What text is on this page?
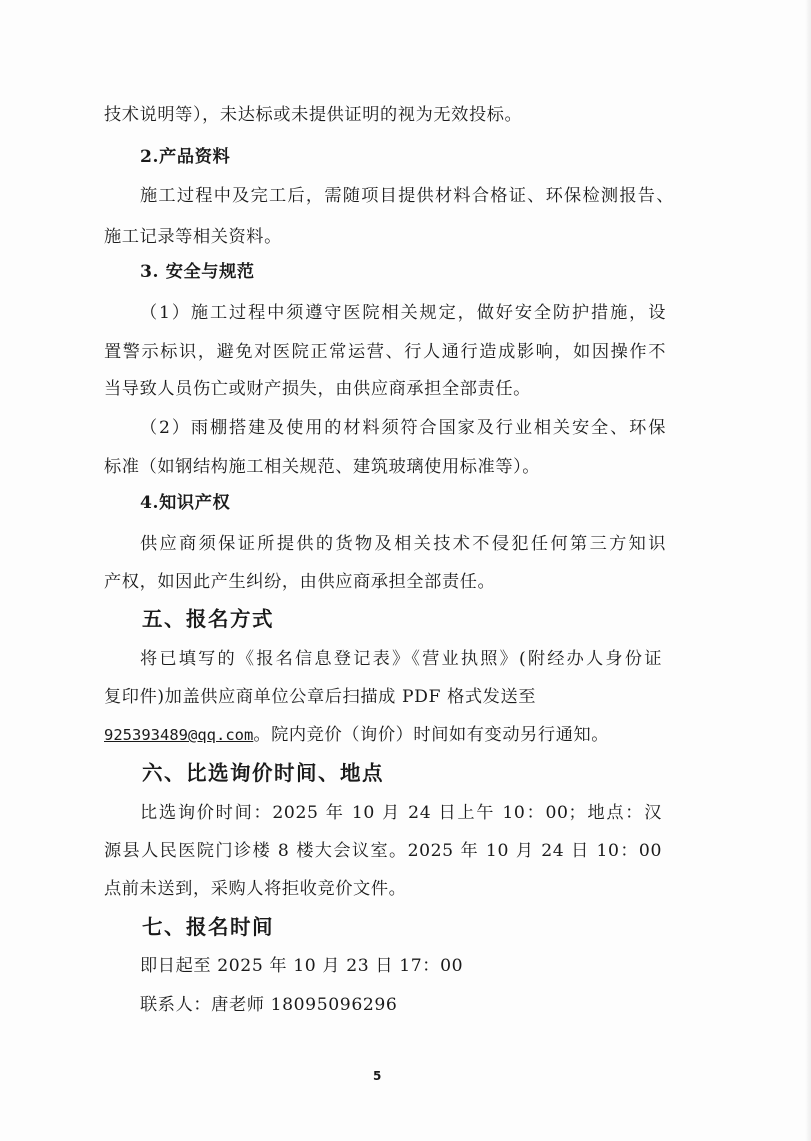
技术说明等），未达标或未提供证明的视为无效投标。
2.产品资料
施工过程中及完工后，需随项目提供材料合格证、环保检测报告、
施工记录等相关资料。
3. 安全与规范
（1）施工过程中须遵守医院相关规定，做好安全防护措施，设
置警示标识，避免对医院正常运营、行人通行造成影响，如因操作不
当导致人员伤亡或财产损失，由供应商承担全部责任。
（2）雨棚搭建及使用的材料须符合国家及行业相关安全、环保
标准（如钢结构施工相关规范、建筑玻璃使用标准等）。
4.知识产权
供应商须保证所提供的货物及相关技术不侵犯任何第三方知识
产权，如因此产生纠纷，由供应商承担全部责任。
五、报名方式
将已填写的《报名信息登记表》《营业执照》(附经办人身份证
复印件)加盖供应商单位公章后扫描成 PDF 格式发送至
925393489@qq.com。院内竞价（询价）时间如有变动另行通知。
六、比选询价时间、地点
比选询价时间：2025 年 10 月 24 日上午 10：00；地点：汉
源县人民医院门诊楼 8 楼大会议室。2025 年 10 月 24 日 10：00
点前未送到，采购人将拒收竞价文件。
七、报名时间
即日起至 2025 年 10 月 23 日 17：00
联系人：唐老师 18095096296
5
